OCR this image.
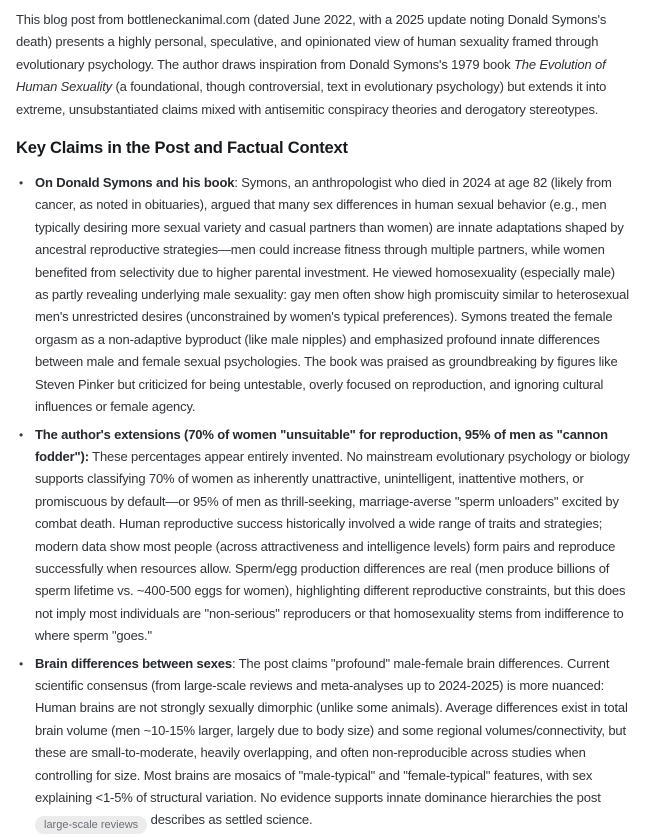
This blog post from bottleneckanimal.com (dated June 2022, with a 2025 update noting Donald Symons's death) presents a highly personal, speculative, and opinionated view of human sexuality framed through evolutionary psychology. The author draws inspiration from Donald Symons's 1979 book The Evolution of Human Sexuality (a foundational, though controversial, text in evolutionary psychology) but extends it into extreme, unsubstantiated claims mixed with antisemitic conspiracy theories and derogatory stereotypes.

Key Claims in the Post and Factual Context
• On Donald Symons and his book: Symons, an anthropologist who died in 2024 at age 82 (likely from cancer, as noted in obituaries), argued that many sex differences in human sexual behavior (e.g., men typically desiring more sexual variety and casual partners than women) are innate adaptations shaped by ancestral reproductive strategies—men could increase fitness through multiple partners, while women benefited from selectivity due to higher parental investment. He viewed homosexuality (especially male) as partly revealing underlying male sexuality: gay men often show high promiscuity similar to heterosexual men's unrestricted desires (unconstrained by women's typical preferences). Symons treated the female orgasm as a non-adaptive byproduct (like male nipples) and emphasized profound innate differences between male and female sexual psychologies. The book was praised as groundbreaking by figures like Steven Pinker but criticized for being untestable, overly focused on reproduction, and ignoring cultural influences or female agency.
• The author's extensions (70% of women "unsuitable" for reproduction, 95% of men as "cannon fodder"): These percentages appear entirely invented. No mainstream evolutionary psychology or biology supports classifying 70% of women as inherently unattractive, unintelligent, inattentive mothers, or promiscuous by default—or 95% of men as thrill-seeking, marriage-averse "sperm unloaders" excited by combat death. Human reproductive success historically involved a wide range of traits and strategies; modern data show most people (across attractiveness and intelligence levels) form pairs and reproduce successfully when resources allow. Sperm/egg production differences are real (men produce billions of sperm lifetime vs. ~400-500 eggs for women), highlighting different reproductive constraints, but this does not imply most individuals are "non-serious" reproducers or that homosexuality stems from indifference to where sperm "goes."
• Brain differences between sexes: The post claims "profound" male-female brain differences. Current scientific consensus (from large-scale reviews and meta-analyses up to 2024-2025) is more nuanced: Human brains are not strongly sexually dimorphic (unlike some animals). Average differences exist in total brain volume (men ~10-15% larger, largely due to body size) and some regional volumes/connectivity, but these are small-to-moderate, heavily overlapping, and often non-reproducible across studies when controlling for size. Most brains are mosaics of "male-typical" and "female-typical" features, with sex explaining <1-5% of structural variation. No evidence supports innate dominance hierarchies the post large-scale reviews describes as settled science.
